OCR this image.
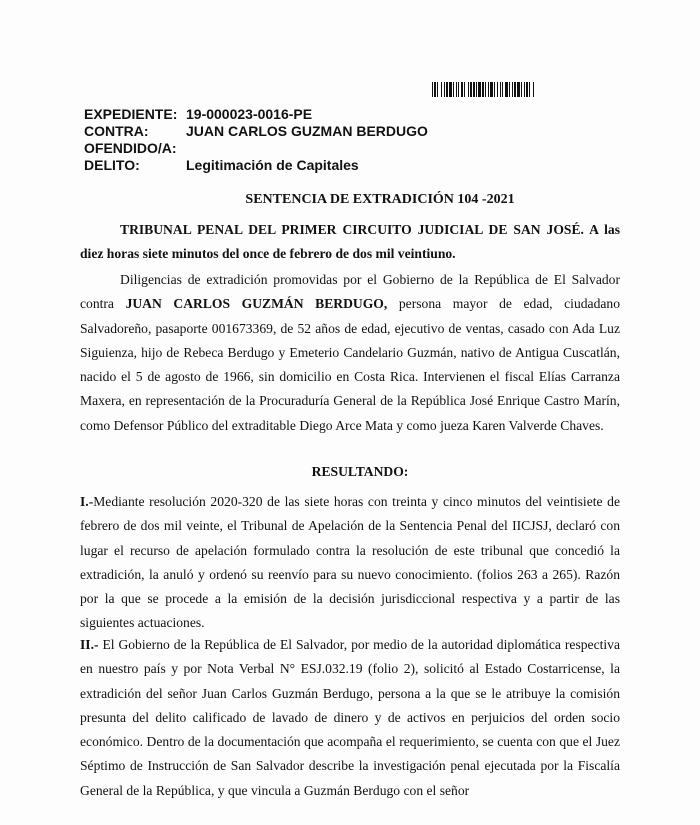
EXPEDIENTE: 19-000023-0016-PE
CONTRA:	JUAN CARLOS GUZMAN BERDUGO
OFENDIDO/A:
DELITO:	Legitimación de Capitales
SENTENCIA DE EXTRADICIÓN 104 -2021

TRIBUNAL PENAL DEL PRIMER CIRCUITO JUDICIAL DE SAN JOSÉ. A las diez horas siete minutos del once de febrero de dos mil veintiuno.

Diligencias de extradición promovidas por el Gobierno de la República de El Salvador contra JUAN CARLOS GUZMÁN BERDUGO, persona mayor de edad, ciudadano Salvadoreño, pasaporte 001673369, de 52 años de edad, ejecutivo de ventas, casado con Ada Luz Siguienza, hijo de Rebeca Berdugo y Emeterio Candelario Guzmán, nativo de Antigua Cuscatlán, nacido el 5 de agosto de 1966, sin domicilio en Costa Rica. Intervienen el fiscal Elías Carranza Maxera, en representación de la Procuraduría General de la República José Enrique Castro Marín, como Defensor Público del extraditable Diego Arce Mata y como jueza Karen Valverde Chaves.

RESULTANDO:

I.-Mediante resolución 2020-320 de las siete horas con treinta y cinco minutos del veintisiete de febrero de dos mil veinte, el Tribunal de Apelación de la Sentencia Penal del IICJSJ, declaró con lugar el recurso de apelación formulado contra la resolución de este tribunal que concedió la extradición, la anuló y ordenó su reenvío para su nuevo conocimiento. (folios 263 a 265). Razón por la que se procede a la emisión de la decisión jurisdiccional respectiva y a partir de las siguientes actuaciones.

II.- El Gobierno de la República de El Salvador, por medio de la autoridad diplomática respectiva en nuestro país y por Nota Verbal N° ESJ.032.19 (folio 2), solicitó al Estado Costarricense, la extradición del señor Juan Carlos Guzmán Berdugo, persona a la que se le atribuye la comisión presunta del delito calificado de lavado de dinero y de activos en perjuicios del orden socio económico. Dentro de la documentación que acompaña el requerimiento, se cuenta con que el Juez Séptimo de Instrucción de San Salvador describe la investigación penal ejecutada por la Fiscalía General de la República, y que vincula a Guzmán Berdugo con el señor
